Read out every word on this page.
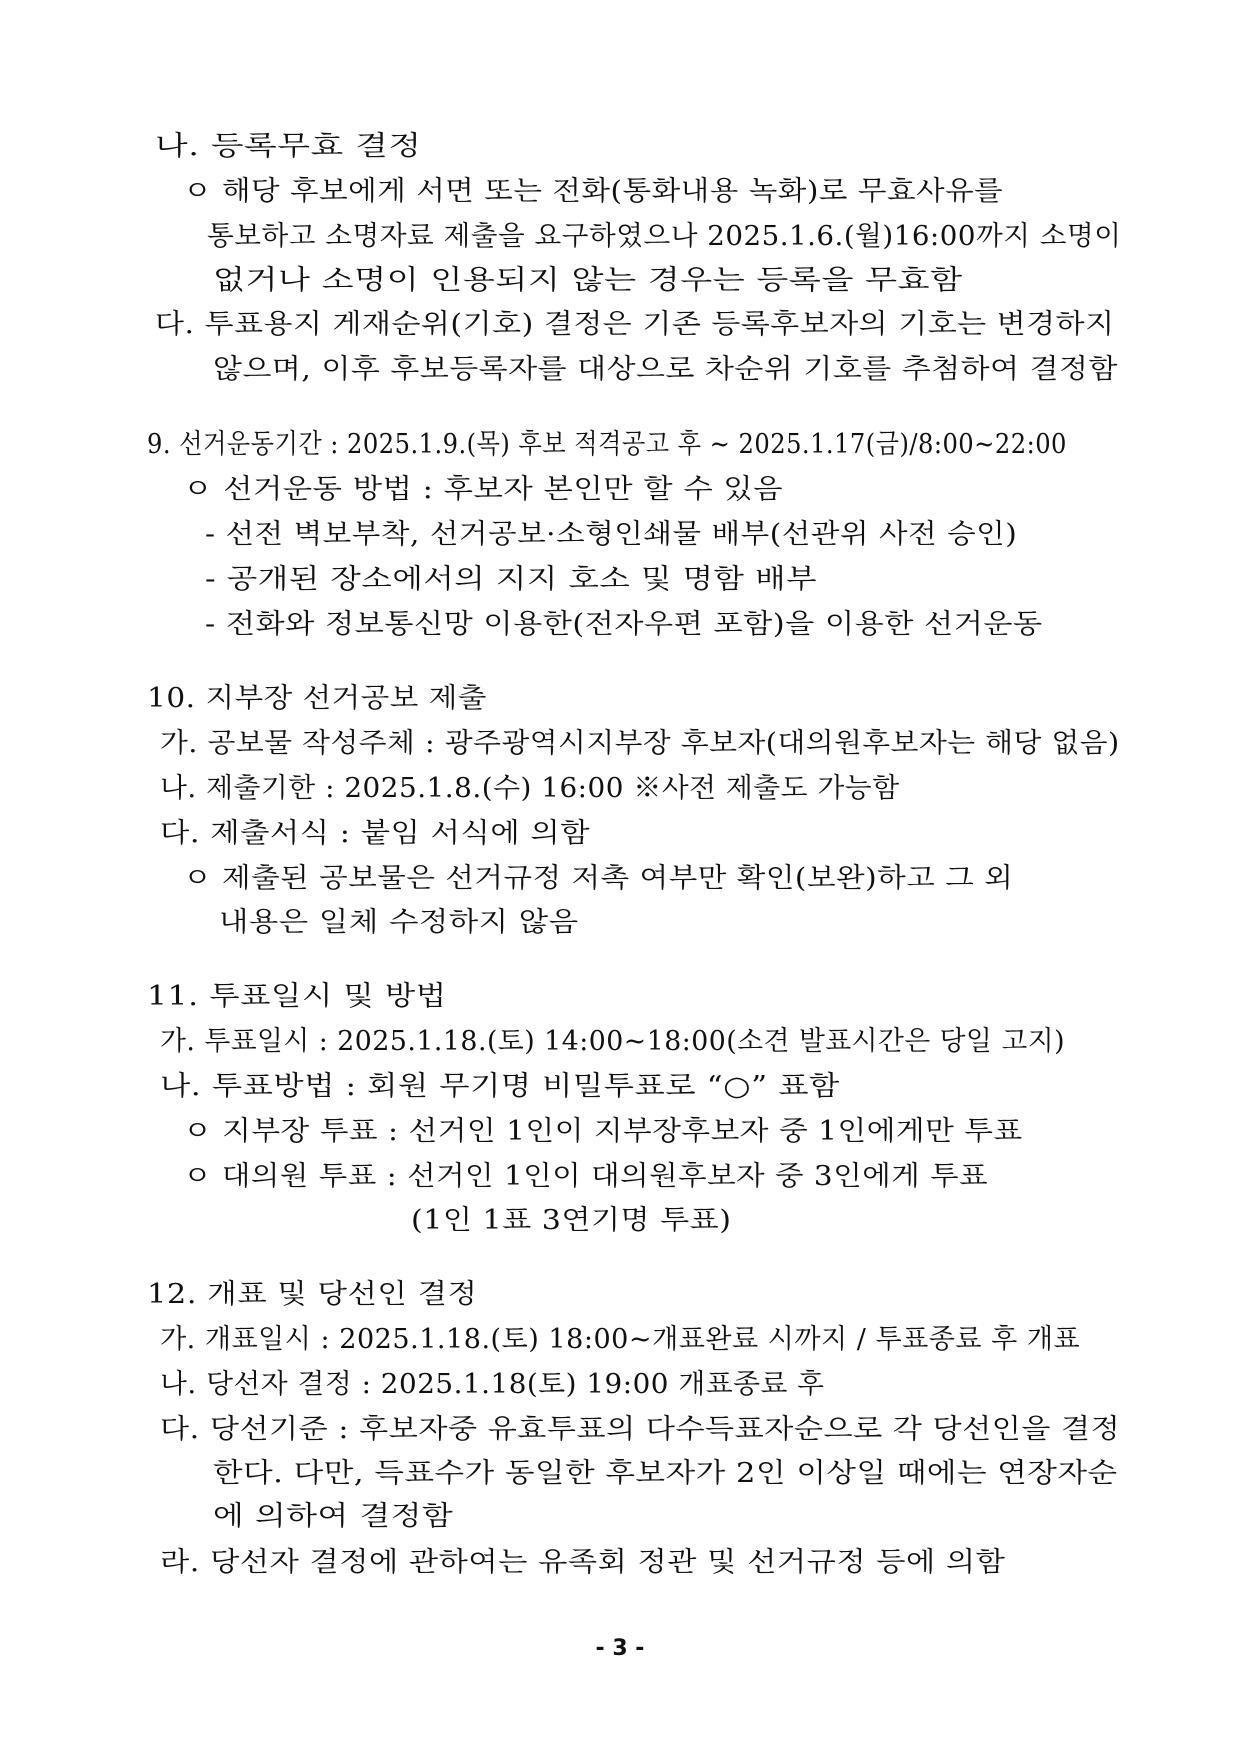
나. 등록무효 결정
ㅇ 해당 후보에게 서면 또는 전화(통화내용 녹화)로 무효사유를
통보하고 소명자료 제출을 요구하였으나 2025.1.6.(월)16:00까지 소명이
없거나 소명이 인용되지 않는 경우는 등록을 무효함
다. 투표용지 게재순위(기호) 결정은 기존 등록후보자의 기호는 변경하지
않으며, 이후 후보등록자를 대상으로 차순위 기호를 추첨하여 결정함
9. 선거운동기간 : 2025.1.9.(목) 후보 적격공고 후 ~ 2025.1.17(금)/8:00~22:00
ㅇ 선거운동 방법 : 후보자 본인만 할 수 있음
- 선전 벽보부착, 선거공보·소형인쇄물 배부(선관위 사전 승인)
- 공개된 장소에서의 지지 호소 및 명함 배부
- 전화와 정보통신망 이용한(전자우편 포함)을 이용한 선거운동
10. 지부장 선거공보 제출
가. 공보물 작성주체 : 광주광역시지부장 후보자(대의원후보자는 해당 없음)
나. 제출기한 : 2025.1.8.(수) 16:00 ※사전 제출도 가능함
다. 제출서식 : 붙임 서식에 의함
ㅇ 제출된 공보물은 선거규정 저촉 여부만 확인(보완)하고 그 외
내용은 일체 수정하지 않음
11. 투표일시 및 방법
가. 투표일시 : 2025.1.18.(토) 14:00~18:00(소견 발표시간은 당일 고지)
나. 투표방법 : 회원 무기명 비밀투표로 “○” 표함
ㅇ 지부장 투표 : 선거인 1인이 지부장후보자 중 1인에게만 투표
ㅇ 대의원 투표 : 선거인 1인이 대의원후보자 중 3인에게 투표
(1인 1표 3연기명 투표)
12. 개표 및 당선인 결정
가. 개표일시 : 2025.1.18.(토) 18:00~개표완료 시까지 / 투표종료 후 개표
나. 당선자 결정 : 2025.1.18(토) 19:00 개표종료 후
다. 당선기준 : 후보자중 유효투표의 다수득표자순으로 각 당선인을 결정
한다. 다만, 득표수가 동일한 후보자가 2인 이상일 때에는 연장자순
에 의하여 결정함
라. 당선자 결정에 관하여는 유족회 정관 및 선거규정 등에 의함
- 3 -
